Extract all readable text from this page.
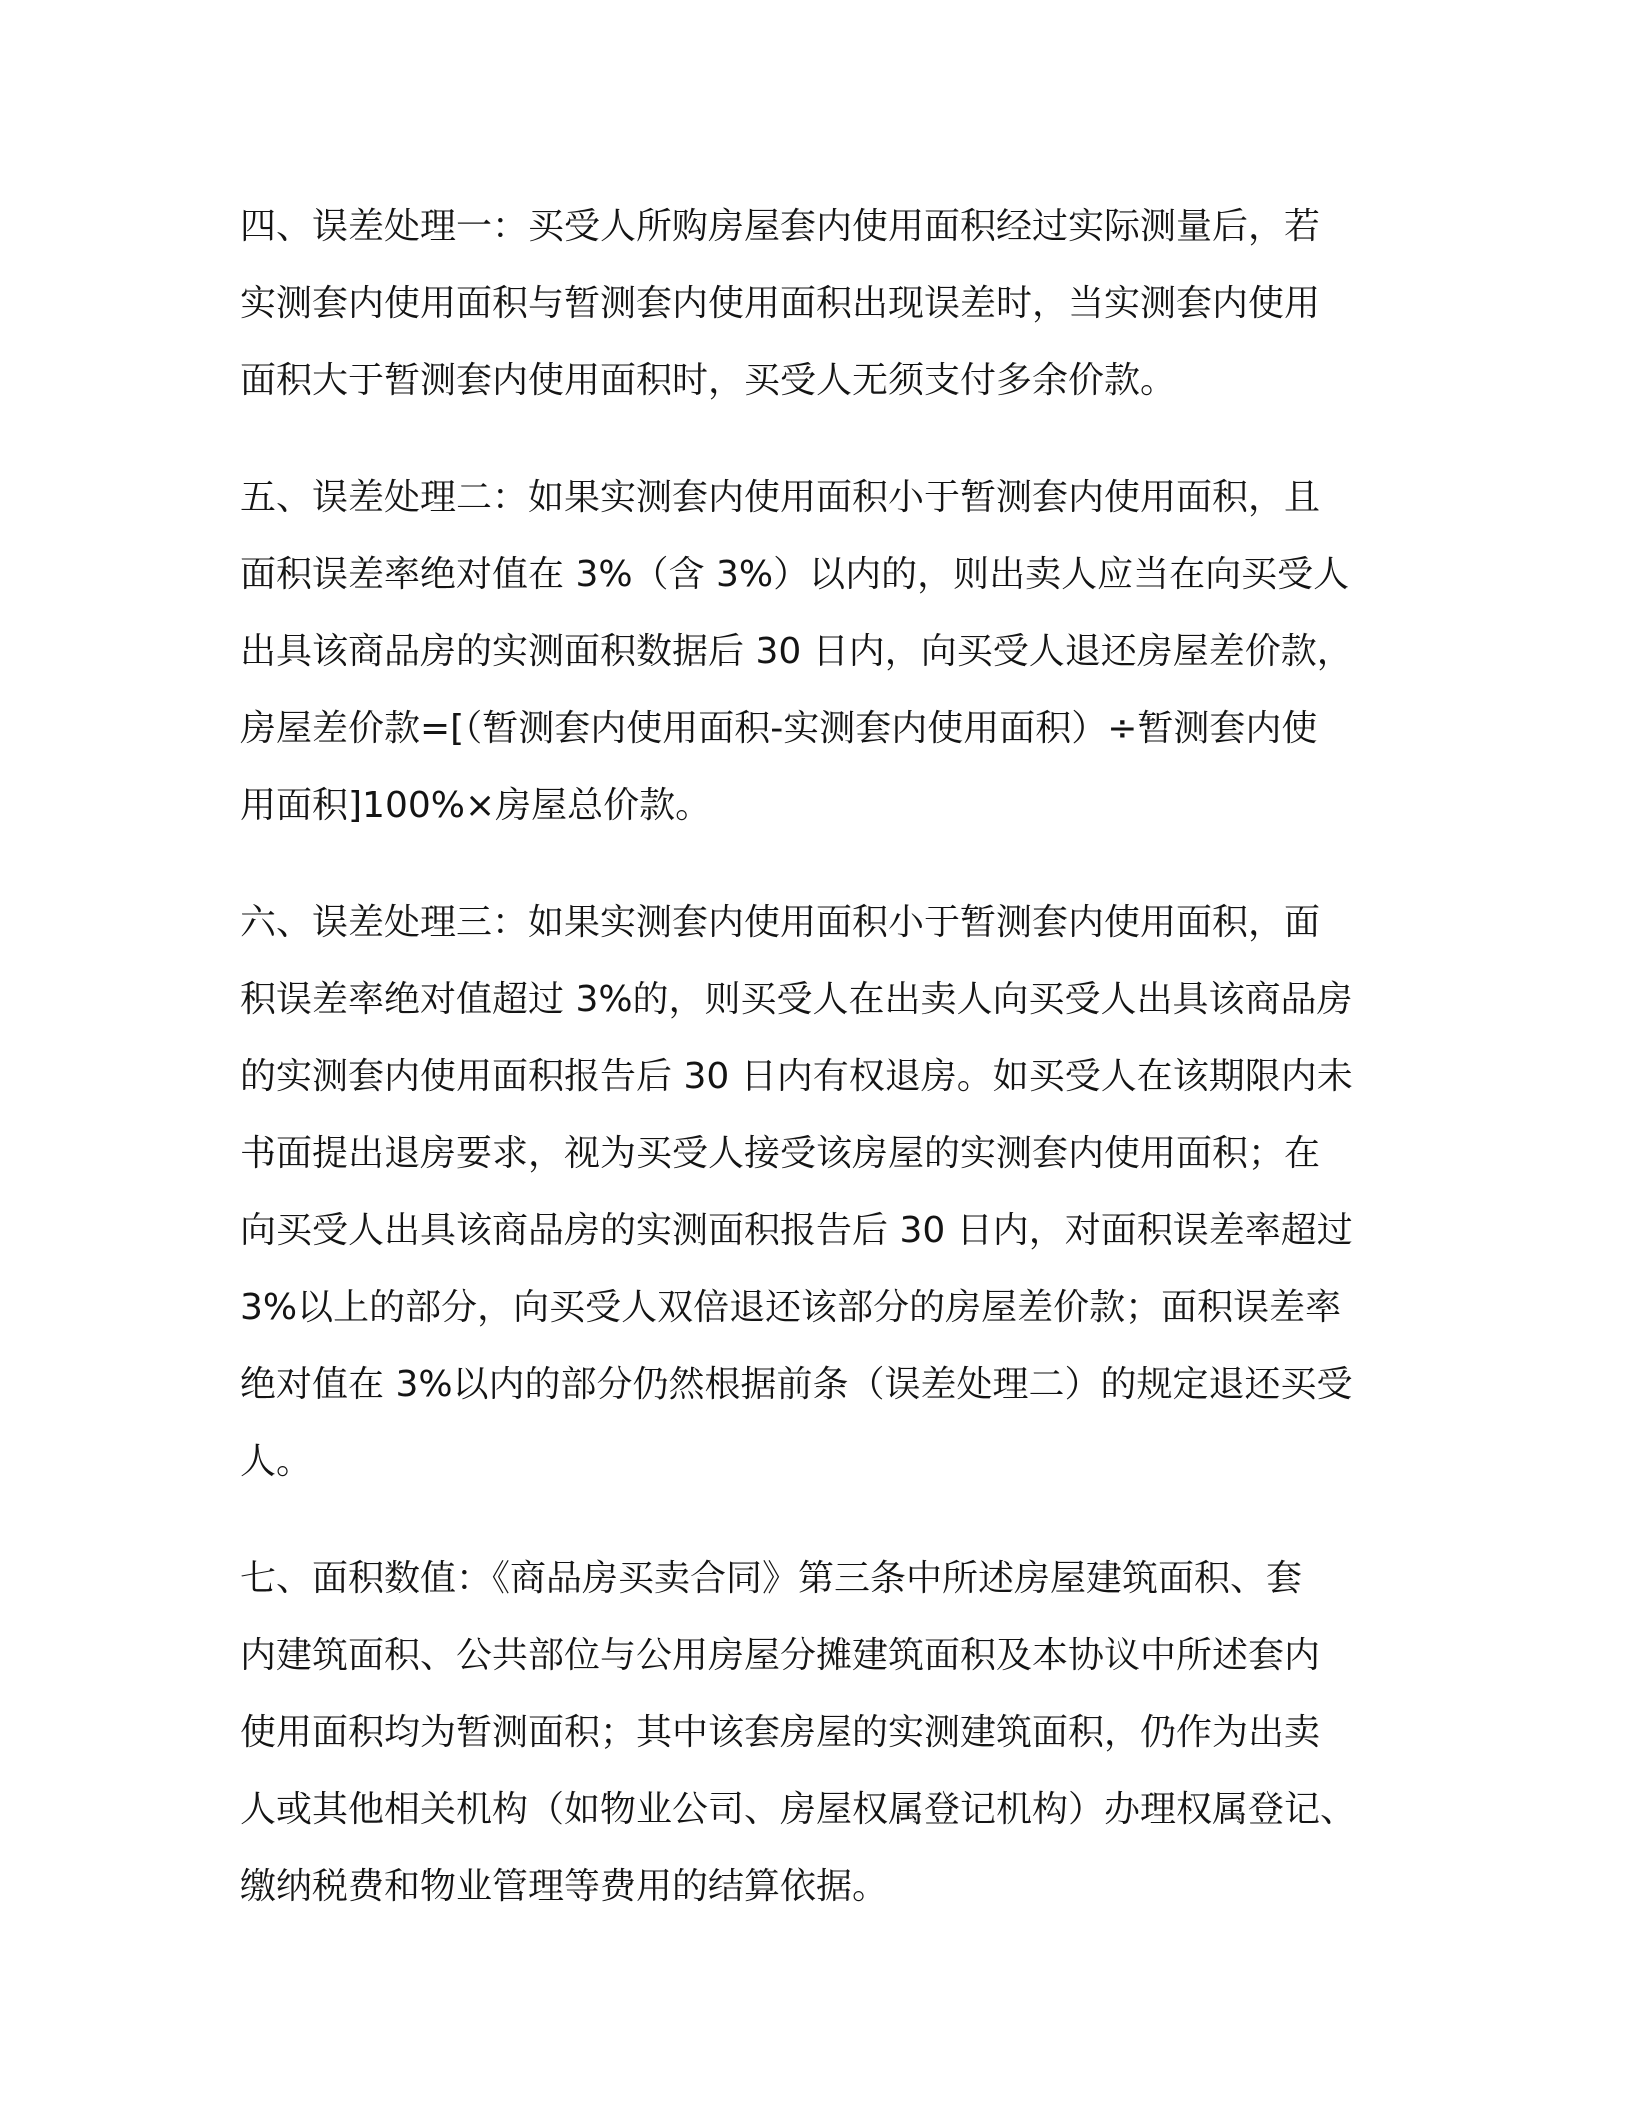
四、误差处理一：买受人所购房屋套内使用面积经过实际测量后，若
实测套内使用面积与暂测套内使用面积出现误差时，当实测套内使用
面积大于暂测套内使用面积时，买受人无须支付多余价款。

五、误差处理二：如果实测套内使用面积小于暂测套内使用面积，且
面积误差率绝对值在 3%（含 3%）以内的，则出卖人应当在向买受人
出具该商品房的实测面积数据后 30 日内，向买受人退还房屋差价款，
房屋差价款=[（暂测套内使用面积-实测套内使用面积）÷暂测套内使
用面积]100%×房屋总价款。

六、误差处理三：如果实测套内使用面积小于暂测套内使用面积，面
积误差率绝对值超过 3%的，则买受人在出卖人向买受人出具该商品房
的实测套内使用面积报告后 30 日内有权退房。如买受人在该期限内未
书面提出退房要求，视为买受人接受该房屋的实测套内使用面积；在
向买受人出具该商品房的实测面积报告后 30 日内，对面积误差率超过
3%以上的部分，向买受人双倍退还该部分的房屋差价款；面积误差率
绝对值在 3%以内的部分仍然根据前条（误差处理二）的规定退还买受
人。

七、面积数值：《商品房买卖合同》第三条中所述房屋建筑面积、套
内建筑面积、公共部位与公用房屋分摊建筑面积及本协议中所述套内
使用面积均为暂测面积；其中该套房屋的实测建筑面积，仍作为出卖
人或其他相关机构（如物业公司、房屋权属登记机构）办理权属登记、
缴纳税费和物业管理等费用的结算依据。
